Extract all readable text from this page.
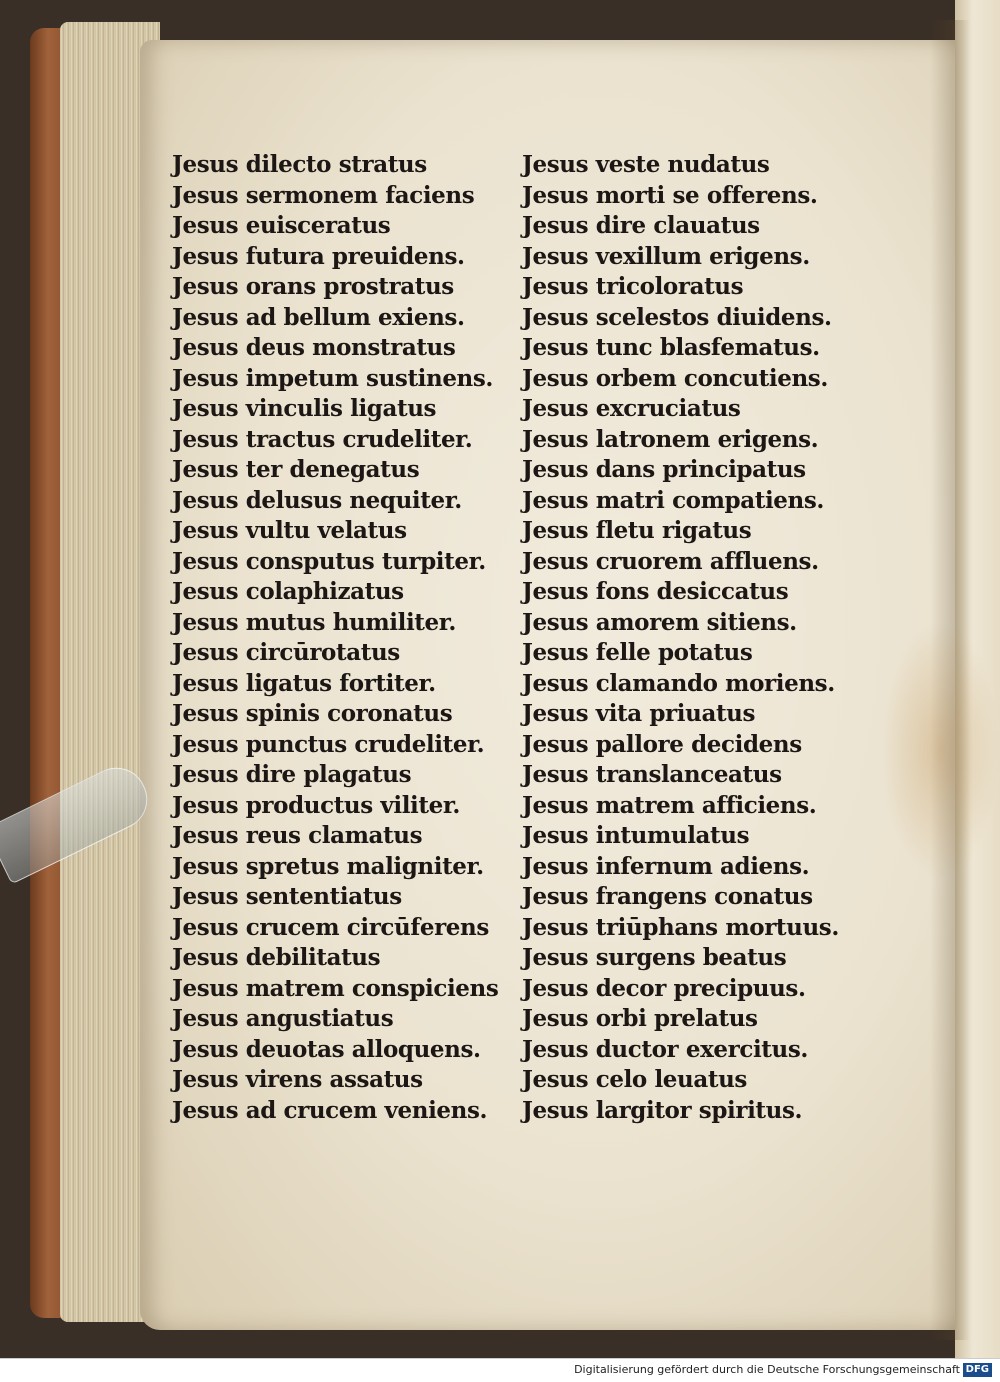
Jesus dilecto stratus
Jesus sermonem faciens
Jesus euisceratus
Jesus futura preuidens.
Jesus orans prostratus
Jesus ad bellum exiens.
Jesus deus monstratus
Jesus impetum sustinens.
Jesus vinculis ligatus
Jesus tractus crudeliter.
Jesus ter denegatus
Jesus delusus nequiter.
Jesus vultu velatus
Jesus consputus turpiter.
Jesus colaphizatus
Jesus mutus humiliter.
Jesus circūrotatus
Jesus ligatus fortiter.
Jesus spinis coronatus
Jesus punctus crudeliter.
Jesus dire plagatus
Jesus productus viliter.
Jesus reus clamatus
Jesus spretus maligniter.
Jesus sententiatus
Jesus crucem circūferens
Jesus debilitatus
Jesus matrem conspiciens
Jesus angustiatus
Jesus deuotas alloquens.
Jesus virens assatus
Jesus ad crucem veniens.
Jesus veste nudatus
Jesus morti se offerens.
Jesus dire clauatus
Jesus vexillum erigens.
Jesus tricoloratus
Jesus scelestos diuidens.
Jesus tunc blasfematus.
Jesus orbem concutiens.
Jesus excruciatus
Jesus latronem erigens.
Jesus dans principatus
Jesus matri compatiens.
Jesus fletu rigatus
Jesus cruorem affluens.
Jesus fons desiccatus
Jesus amorem sitiens.
Jesus felle potatus
Jesus clamando moriens.
Jesus vita priuatus
Jesus pallore decidens
Jesus translanceatus
Jesus matrem afficiens.
Jesus intumulatus
Jesus infernum adiens.
Jesus frangens conatus
Jesus triūphans mortuus.
Jesus surgens beatus
Jesus decor precipuus.
Jesus orbi prelatus
Jesus ductor exercitus.
Jesus celo leuatus
Jesus largitor spiritus.
Digitalisierung gefördert durch die Deutsche Forschungsgemeinschaft DFG
